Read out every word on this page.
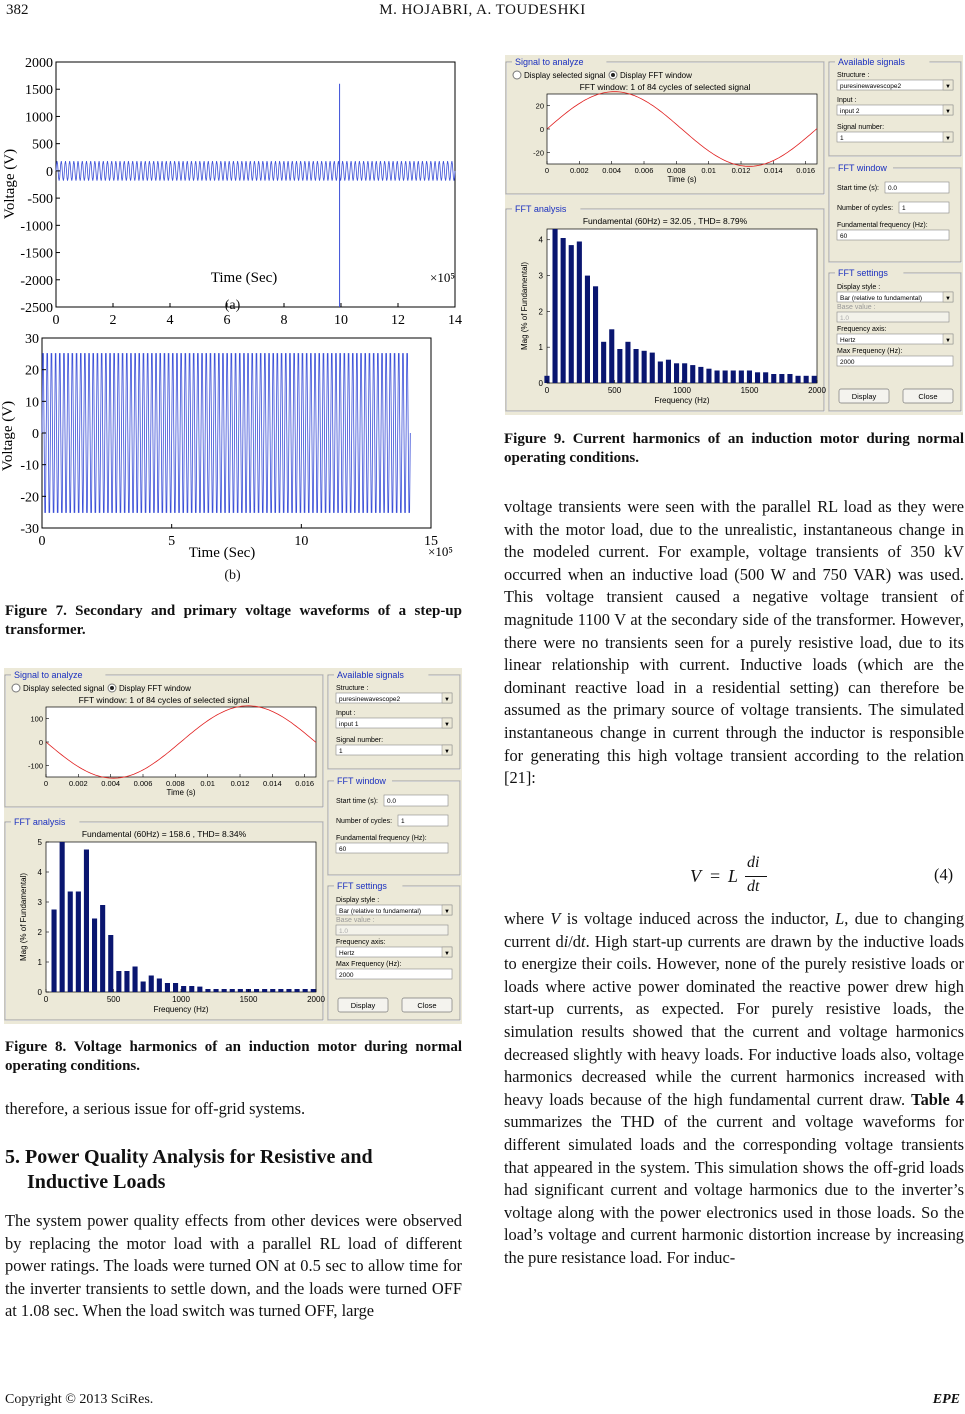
382	M. HOJABRI, A. TOUDESHKI
0	2	4	6	8	10	12	14
2000
1500
1000
500
0
-500
-1000
-1500
-2000
-2500
Voltage (V)
Time (Sec)	×10⁵
(a)
0	5	10	15
30
20
10
0
-10
-20
-30
Voltage (V)
Time (Sec)	×10⁵
(b)
Figure 7. Secondary and primary voltage waveforms of a step-up transformer.
Signal to analyze
Display selected signal Display FFT window
FFT window: 1 of 84 cycles of selected signal
0	0.002 0.004 0.006 0.008 0.01 0.012 0.014 0.016
100
0
-100
Time (s)
FFT analysis
Fundamental (60Hz) = 158.6 , THD= 8.34%
0	500	1000	1500	2000
0
1
2
3
4
5
Frequency (Hz)
Mag (% of Fundamental)
Available signals
Structure :
puresinewavescope2	▼
Input :
input 1	▼
Signal number:
1	▼
FFT window
Start time (s): 0.0
Number of cycles: 1
Fundamental frequency (Hz):
60
FFT settings
Display style :
Bar (relative to fundamental)	▼
Base value :
1.0
Frequency axis:
Hertz	▼
Max Frequency (Hz):
2000
Display	Close
Figure 8. Voltage harmonics of an induction motor during normal operating conditions.
therefore, a serious issue for off-grid systems.
5. Power Quality Analysis for Resistive and
Inductive Loads
The system power quality effects from other devices were observed by replacing the motor load with a parallel RL load of different power ratings. The loads were turned ON at 0.5 sec to allow time for the inverter transients to settle down, and the loads were turned OFF at 1.08 sec. When the load switch was turned OFF, large
Signal to analyze
Display selected signal Display FFT window
FFT window: 1 of 84 cycles of selected signal
0	0.002 0.004 0.006 0.008 0.01 0.012 0.014 0.016
20
0
-20
Time (s)
FFT analysis
Fundamental (60Hz) = 32.05 , THD= 8.79%
0	500	1000	1500	2000
0
1
2
3
4
Frequency (Hz)
Mag (% of Fundamental)
Available signals
Structure :
puresinewavescope2	▼
Input :
input 2	▼
Signal number:
1	▼
FFT window
Start time (s): 0.0
Number of cycles: 1
Fundamental frequency (Hz):
60
FFT settings
Display style :
Bar (relative to fundamental)	▼
Base value :
1.0
Frequency axis:
Hertz	▼
Max Frequency (Hz):
2000
Display	Close
Figure 9. Current harmonics of an induction motor during normal operating conditions.
voltage transients were seen with the parallel RL load as they were with the motor load, due to the unrealistic, instantaneous change in the modeled current. For example, voltage transients of 350 kV occurred when an inductive load (500 W and 750 VAR) was used. This voltage transient caused a negative voltage transient of magnitude 1100 V at the secondary side of the transformer. However, there were no transients seen for a purely resistive load, due to its linear relationship with current. Inductive loads (which are the dominant reactive load in a residential setting) can therefore be assumed as the primary source of voltage transients. The simulated instantaneous change in current through the inductor is responsible for generating this high voltage transient according to the relation [21]:
V = L
di
dt
(4)
where V is voltage induced across the inductor, L, due to changing current di/dt. High start-up currents are drawn by the inductive loads to energize their coils. However, none of the purely resistive loads or loads where active power dominated the reactive power drew high start-up currents, as expected. For purely resistive loads, the simulation results showed that the current and voltage harmonics decreased slightly with heavy loads. For inductive loads also, voltage harmonics decreased while the current harmonics increased with heavy loads because of the high fundamental current draw. Table 4 summarizes the THD of the current and voltage waveforms for different simulated loads and the corresponding voltage transients that appeared in the system. This simulation shows the off-grid loads had significant current and voltage harmonics due to the inverter’s voltage along with the power electronics used in those loads. So the load’s voltage and current harmonic distortion increase by increasing the pure resistance load. For induc-
Copyright © 2013 SciRes.	EPE
